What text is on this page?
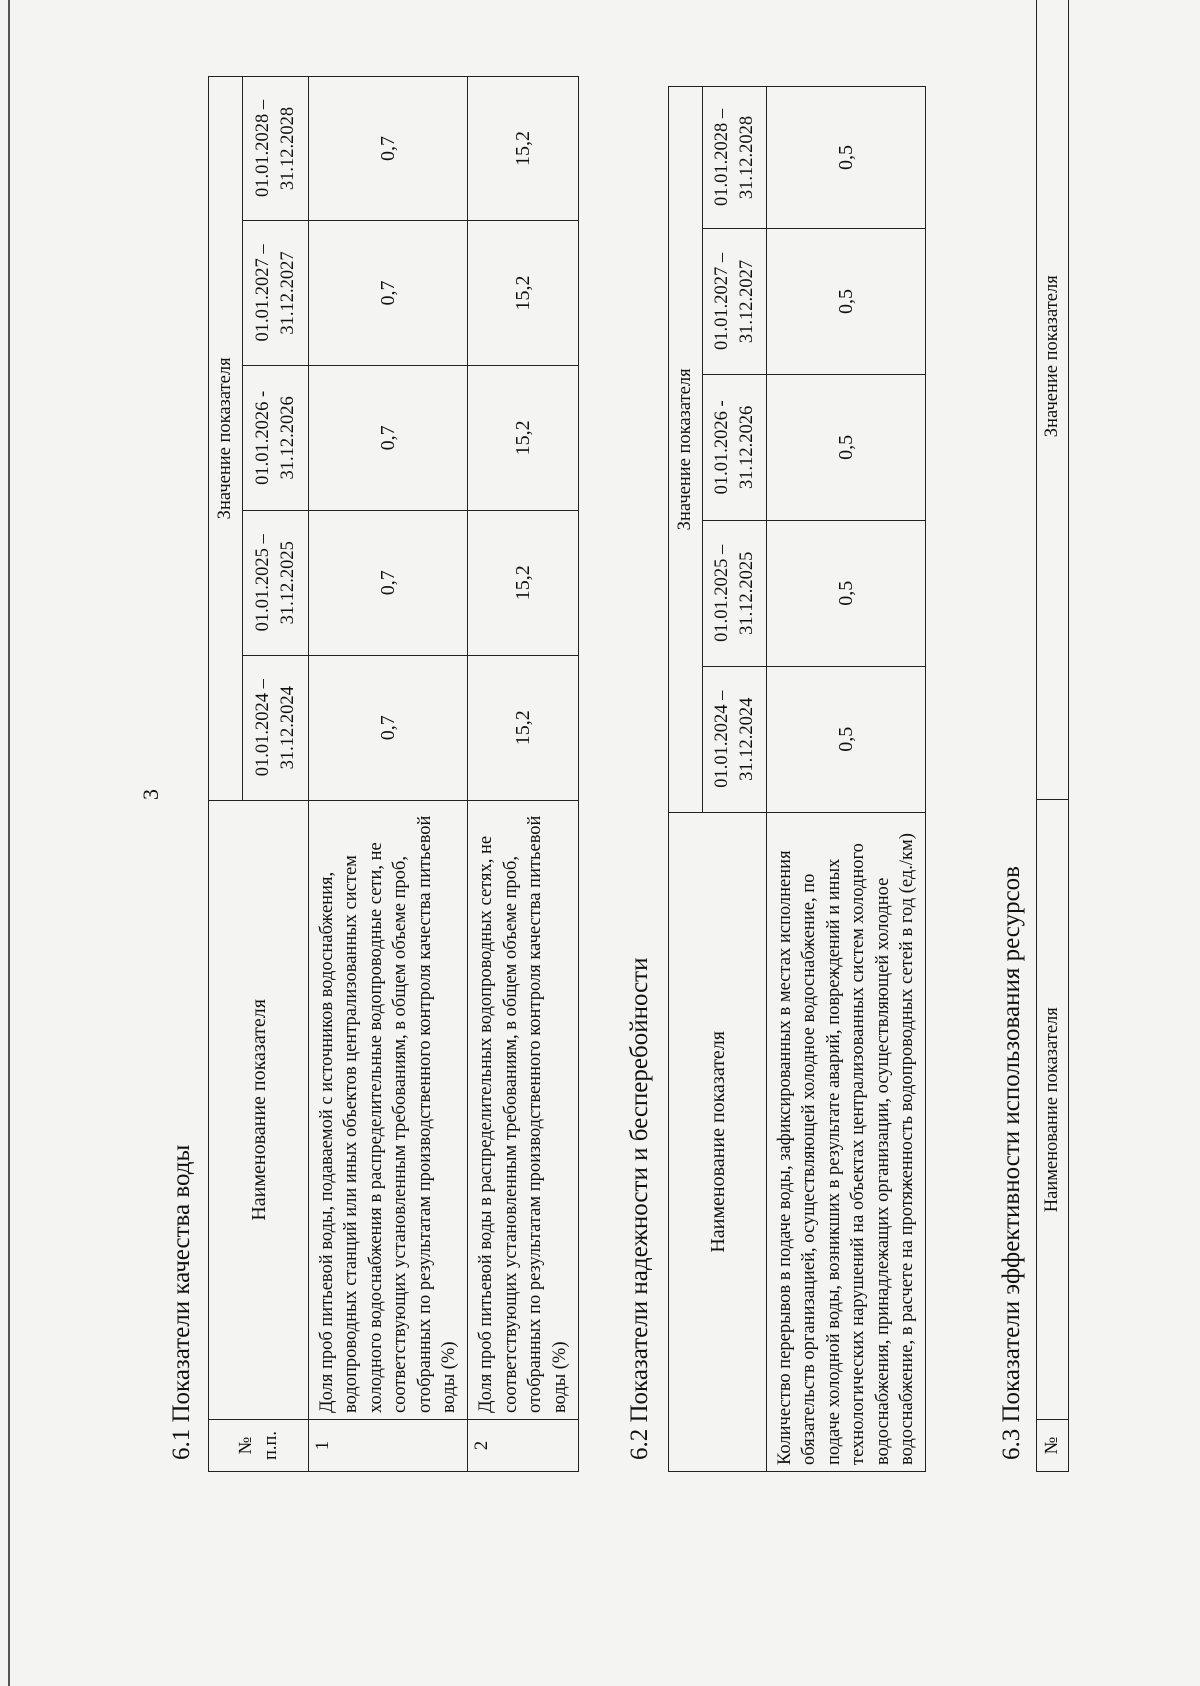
3
6.1 Показатели качества воды № п.п.	Наименование показателя	Значение показателя				
		01.01.2024 – 31.12.2024	01.01.2025 – 31.12.2025	01.01.2026 - 31.12.2026	01.01.2027 – 31.12.2027	01.01.2028 – 31.12.2028
1	Доля проб питьевой воды, подаваемой с источников водоснабжения, водопроводных станций или иных объектов централизованных систем холодного водоснабжения в распределительные водопроводные сети, не соответствующих установленным требованиям, в общем объеме проб, отобранных по результатам производственного контроля качества питьевой воды (%)	0,7	0,7	0,7	0,7	0,7
2	Доля проб питьевой воды в распределительных водопроводных сетях, не соответствующих установленным требованиям, в общем объеме проб, отобранных по результатам производственного контроля качества питьевой воды (%)	15,2	15,2	15,2	15,2	15,2
6.2 Показатели надежности и бесперебойности	Наименование показателя	Значение показателя				
	01.01.2024 – 31.12.2024	01.01.2025 – 31.12.2025	01.01.2026 - 31.12.2026	01.01.2027 – 31.12.2027	01.01.2028 – 31.12.2028
Количество перерывов в подаче воды, зафиксированных в местах исполнения обязательств организацией, осуществляющей холодное водоснабжение, по подаче холодной воды, возникших в результате аварий, повреждений и иных технологических нарушений на объектах централизованных систем холодного водоснабжения, принадлежащих организации, осуществляющей холодное водоснабжение, в расчете на протяженность водопроводных сетей в год (ед./км)	0,5	0,5	0,5	0,5	0,5
6.3 Показатели эффективности использования ресурсов №	Наименование показателя	Значение показателя
